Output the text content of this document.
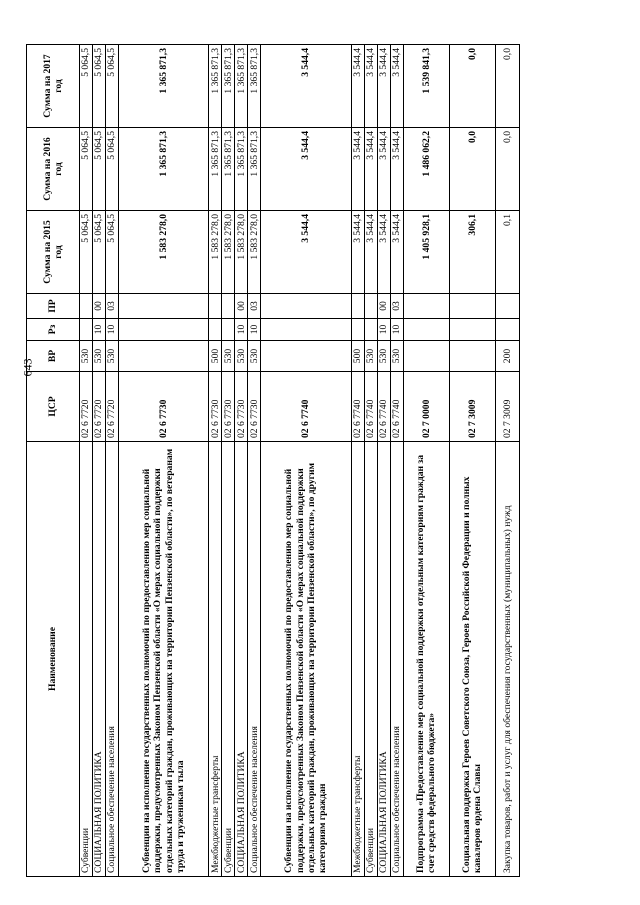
643
Наименование	ЦСР	ВР	Рз	ПР	Сумма на 2015 год	Сумма на 2016 год	Сумма на 2017 год
Субвенции	02 6 7720	530			5 064,5	5 064,5	5 064,5
СОЦИАЛЬНАЯ ПОЛИТИКА	02 6 7720	530	10	00	5 064,5	5 064,5	5 064,5
Социальное обеспечение населения	02 6 7720	530	10	03	5 064,5	5 064,5	5 064,5
Субвенции на исполнение государственных полномочий по предоставлению мер социальной поддержки, предусмотренных Законом Пензенской области «О мерах социальной поддержки отдельных категорий граждан, проживающих на территории Пензенской области», по ветеранам труда и труженикам тыла	02 6 7730				1 583 278,0	1 365 871,3	1 365 871,3
Межбюджетные трансферты	02 6 7730	500			1 583 278,0	1 365 871,3	1 365 871,3
Субвенции	02 6 7730	530			1 583 278,0	1 365 871,3	1 365 871,3
СОЦИАЛЬНАЯ ПОЛИТИКА	02 6 7730	530	10	00	1 583 278,0	1 365 871,3	1 365 871,3
Социальное обеспечение населения	02 6 7730	530	10	03	1 583 278,0	1 365 871,3	1 365 871,3
Субвенции на исполнение государственных полномочий по предоставлению мер социальной поддержки, предусмотренных Законом Пензенской области «О мерах социальной поддержки отдельных категорий граждан, проживающих на территории Пензенской области», по другим категориям граждан	02 6 7740				3 544,4	3 544,4	3 544,4
Межбюджетные трансферты	02 6 7740	500			3 544,4	3 544,4	3 544,4
Субвенции	02 6 7740	530			3 544,4	3 544,4	3 544,4
СОЦИАЛЬНАЯ ПОЛИТИКА	02 6 7740	530	10	00	3 544,4	3 544,4	3 544,4
Социальное обеспечение населения	02 6 7740	530	10	03	3 544,4	3 544,4	3 544,4
Подпрограмма «Предоставление мер социальной поддержки отдельным категориям граждан за счет средств федерального бюджета»	02 7 0000				1 405 928,1	1 486 062,2	1 539 841,3
Социальная поддержка Героев Советского Союза, Героев Российской Федерации и полных кавалеров ордена Славы	02 7 3009				306,1	0,0	0,0
Закупка товаров, работ и услуг для обеспечения государственных (муниципальных) нужд	02 7 3009	200			0,1	0,0	0,0
